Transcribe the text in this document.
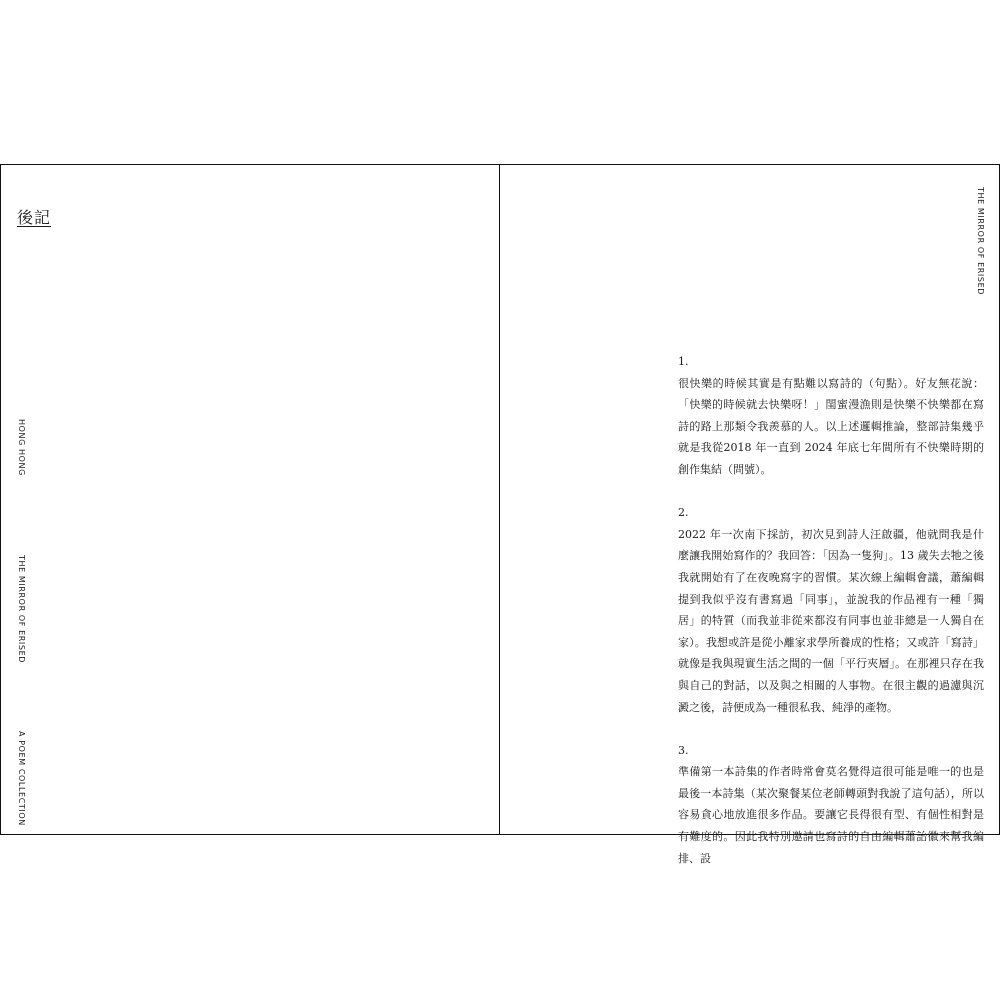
後記
HONG HONG
THE MIRROR OF ERISED
A POEM COLLECTION
THE MIRROR OF ERISED
1.
很快樂的時候其實是有點難以寫詩的（句點）。好友無花說：「快樂的時候就去快樂呀！」閨蜜漫漁則是快樂不快樂都在寫詩的路上那類令我羨慕的人。以上述邏輯推論，整部詩集幾乎就是我從2018 年一直到 2024 年底七年間所有不快樂時期的創作集結（問號）。
2.
2022 年一次南下採訪，初次見到詩人汪啟疆，他就問我是什麼讓我開始寫作的？我回答：「因為一隻狗」。13 歲失去牠之後我就開始有了在夜晚寫字的習慣。某次線上編輯會議，蕭編輯提到我似乎沒有書寫過「同事」，並說我的作品裡有一種「獨居」的特質（而我並非從來都沒有同事也並非總是一人獨自在家）。我想或許是從小離家求學所養成的性格；又或許「寫詩」就像是我與現實生活之間的一個「平行夾層」。在那裡只存在我與自己的對話，以及與之相關的人事物。在很主觀的過濾與沉澱之後，詩便成為一種很私我、純淨的產物。
3.
準備第一本詩集的作者時常會莫名覺得這很可能是唯一的也是最後一本詩集（某次聚餐某位老師轉頭對我說了這句話），所以容易貪心地放進很多作品。要讓它長得很有型、有個性相對是有難度的。因此我特別邀請也寫詩的自由編輯蕭詒徽來幫我編排、設
